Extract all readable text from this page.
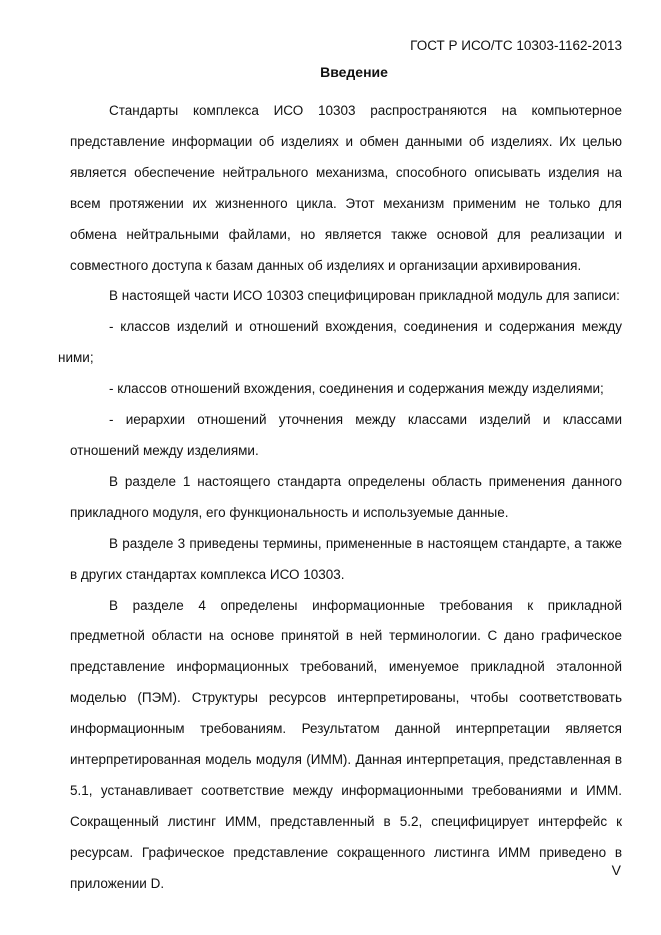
ГОСТ Р ИСО/ТС 10303-1162-2013
Введение

Стандарты комплекса ИСО 10303 распространяются на компьютерное представление информации об изделиях и обмен данными об изделиях. Их целью является обеспечение нейтрального механизма, способного описывать изделия на всем протяжении их жизненного цикла. Этот механизм применим не только для обмена нейтральными файлами, но является также основой для реализации и совместного доступа к базам данных об изделиях и организации архивирования.

В настоящей части ИСО 10303 специфицирован прикладной модуль для записи:

- классов изделий и отношений вхождения, соединения и содержания между ними;

- классов отношений вхождения, соединения и содержания между изделиями;

- иерархии отношений уточнения между классами изделий и классами отношений между изделиями.

В разделе 1 настоящего стандарта определены область применения данного прикладного модуля, его функциональность и используемые данные.

В разделе 3 приведены термины, примененные в настоящем стандарте, а также в других стандартах комплекса ИСО 10303.

В разделе 4 определены информационные требования к прикладной предметной области на основе принятой в ней терминологии. С дано графическое представление информационных требований, именуемое прикладной эталонной моделью (ПЭМ). Структуры ресурсов интерпретированы, чтобы соответствовать информационным требованиям. Результатом данной интерпретации является интерпретированная модель модуля (ИММ). Данная интерпретация, представленная в 5.1, устанавливает соответствие между информационными требованиями и ИММ. Сокращенный листинг ИММ, представленный в 5.2, специфицирует интерфейс к ресурсам. Графическое представление сокращенного листинга ИММ приведено в приложении D.

V
